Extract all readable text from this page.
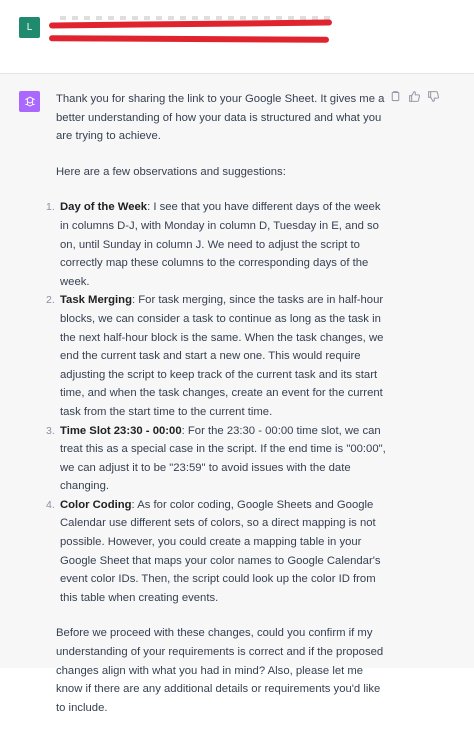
L

Thank you for sharing the link to your Google Sheet. It gives me a better understanding of how your data is structured and what you are trying to achieve.

Here are a few observations and suggestions:

1. Day of the Week: I see that you have different days of the week in columns D-J, with Monday in column D, Tuesday in E, and so on, until Sunday in column J. We need to adjust the script to correctly map these columns to the corresponding days of the week.
2. Task Merging: For task merging, since the tasks are in half-hour blocks, we can consider a task to continue as long as the task in the next half-hour block is the same. When the task changes, we end the current task and start a new one. This would require adjusting the script to keep track of the current task and its start time, and when the task changes, create an event for the current task from the start time to the current time.
3. Time Slot 23:30 - 00:00: For the 23:30 - 00:00 time slot, we can treat this as a special case in the script. If the end time is "00:00", we can adjust it to be "23:59" to avoid issues with the date changing.
4. Color Coding: As for color coding, Google Sheets and Google Calendar use different sets of colors, so a direct mapping is not possible. However, you could create a mapping table in your Google Sheet that maps your color names to Google Calendar's event color IDs. Then, the script could look up the color ID from this table when creating events.

Before we proceed with these changes, could you confirm if my understanding of your requirements is correct and if the proposed changes align with what you had in mind? Also, please let me know if there are any additional details or requirements you'd like to include.
